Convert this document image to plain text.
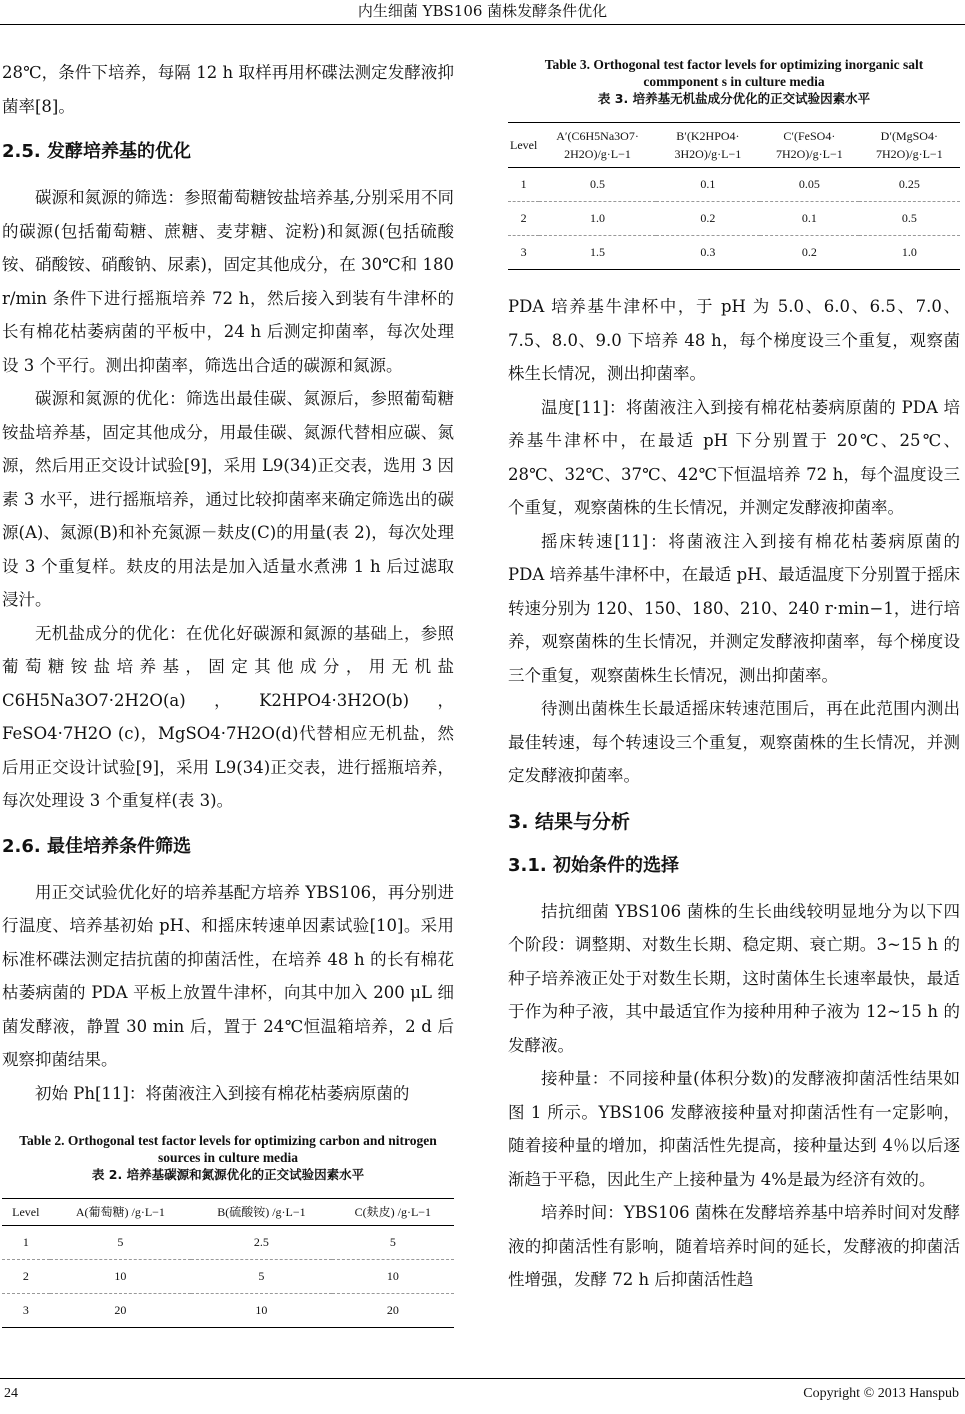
内生细菌 YBS106 菌株发酵条件优化

28℃，条件下培养，每隔 12 h 取样再用杯碟法测定发酵液抑菌率[8]。

2.5. 发酵培养基的优化

碳源和氮源的筛选：参照葡萄糖铵盐培养基,分别采用不同的碳源(包括葡萄糖、蔗糖、麦芽糖、淀粉)和氮源(包括硫酸铵、硝酸铵、硝酸钠、尿素)，固定其他成分，在 30℃和 180 r/min 条件下进行摇瓶培养 72 h，然后接入到装有牛津杯的长有棉花枯萎病菌的平板中，24 h 后测定抑菌率，每次处理设 3 个平行。测出抑菌率，筛选出合适的碳源和氮源。

碳源和氮源的优化：筛选出最佳碳、氮源后，参照葡萄糖铵盐培养基，固定其他成分，用最佳碳、氮源代替相应碳、氮源，然后用正交设计试验[9]，采用 L9(34)正交表，选用 3 因素 3 水平，进行摇瓶培养，通过比较抑菌率来确定筛选出的碳源(A)、氮源(B)和补充氮源－麸皮(C)的用量(表 2)，每次处理设 3 个重复样。麸皮的用法是加入适量水煮沸 1 h 后过滤取浸汁。

无机盐成分的优化：在优化好碳源和氮源的基础上，参照葡萄糖铵盐培养基，固定其他成分，用无机盐 C6H5Na3O7·2H2O(a)，K2HPO4·3H2O(b)，FeSO4·7H2O (c)，MgSO4·7H2O(d)代替相应无机盐，然后用正交设计试验[9]，采用 L9(34)正交表，进行摇瓶培养，每次处理设 3 个重复样(表 3)。

2.6. 最佳培养条件筛选

用正交试验优化好的培养基配方培养 YBS106，再分别进行温度、培养基初始 pH、和摇床转速单因素试验[10]。采用标准杯碟法测定拮抗菌的抑菌活性，在培养 48 h 的长有棉花枯萎病菌的 PDA 平板上放置牛津杯，向其中加入 200 μL 细菌发酵液，静置 30 min 后，置于 24℃恒温箱培养，2 d 后观察抑菌结果。

初始 Ph[11]：将菌液注入到接有棉花枯萎病原菌的

Table 2. Orthogonal test factor levels for optimizing carbon and nitrogen sources in culture media

表 2. 培养基碳源和氮源优化的正交试验因素水平

Level	A(葡萄糖) /g·L−1	B(硫酸铵) /g·L−1	C(麸皮) /g·L−1
1	5	2.5	5
2	10	5	10
3	20	10	20

Table 3. Orthogonal test factor levels for optimizing inorganic salt commponent s in culture media

表 3. 培养基无机盐成分优化的正交试验因素水平

Level	A′(C6H5Na3O7· 2H2O)/g·L−1	B′(K2HPO4· 3H2O)/g·L−1	C′(FeSO4· 7H2O)/g·L−1	D′(MgSO4· 7H2O)/g·L−1
1	0.5	0.1	0.05	0.25
2	1.0	0.2	0.1	0.5
3	1.5	0.3	0.2	1.0

PDA 培养基牛津杯中，于 pH 为 5.0、6.0、6.5、7.0、7.5、8.0、9.0 下培养 48 h，每个梯度设三个重复，观察菌株生长情况，测出抑菌率。

温度[11]：将菌液注入到接有棉花枯萎病原菌的 PDA 培养基牛津杯中，在最适 pH 下分别置于 20℃、25℃、28℃、32℃、37℃、42℃下恒温培养 72 h，每个温度设三个重复，观察菌株的生长情况，并测定发酵液抑菌率。

摇床转速[11]：将菌液注入到接有棉花枯萎病原菌的 PDA 培养基牛津杯中，在最适 pH、最适温度下分别置于摇床转速分别为 120、150、180、210、240 r·min−1，进行培养，观察菌株的生长情况，并测定发酵液抑菌率，每个梯度设三个重复，观察菌株生长情况，测出抑菌率。

待测出菌株生长最适摇床转速范围后，再在此范围内测出最佳转速，每个转速设三个重复，观察菌株的生长情况，并测定发酵液抑菌率。

3. 结果与分析
3.1. 初始条件的选择

拮抗细菌 YBS106 菌株的生长曲线较明显地分为以下四个阶段：调整期、对数生长期、稳定期、衰亡期。3~15 h 的种子培养液正处于对数生长期，这时菌体生长速率最快，最适于作为种子液，其中最适宜作为接种用种子液为 12~15 h 的发酵液。

接种量：不同接种量(体积分数)的发酵液抑菌活性结果如图 1 所示。YBS106 发酵液接种量对抑菌活性有一定影响，随着接种量的增加，抑菌活性先提高，接种量达到 4％以后逐渐趋于平稳，因此生产上接种量为 4%是最为经济有效的。

培养时间：YBS106 菌株在发酵培养基中培养时间对发酵液的抑菌活性有影响，随着培养时间的延长，发酵液的抑菌活性增强，发酵 72 h 后抑菌活性趋

24	Copyright © 2013 Hanspub
